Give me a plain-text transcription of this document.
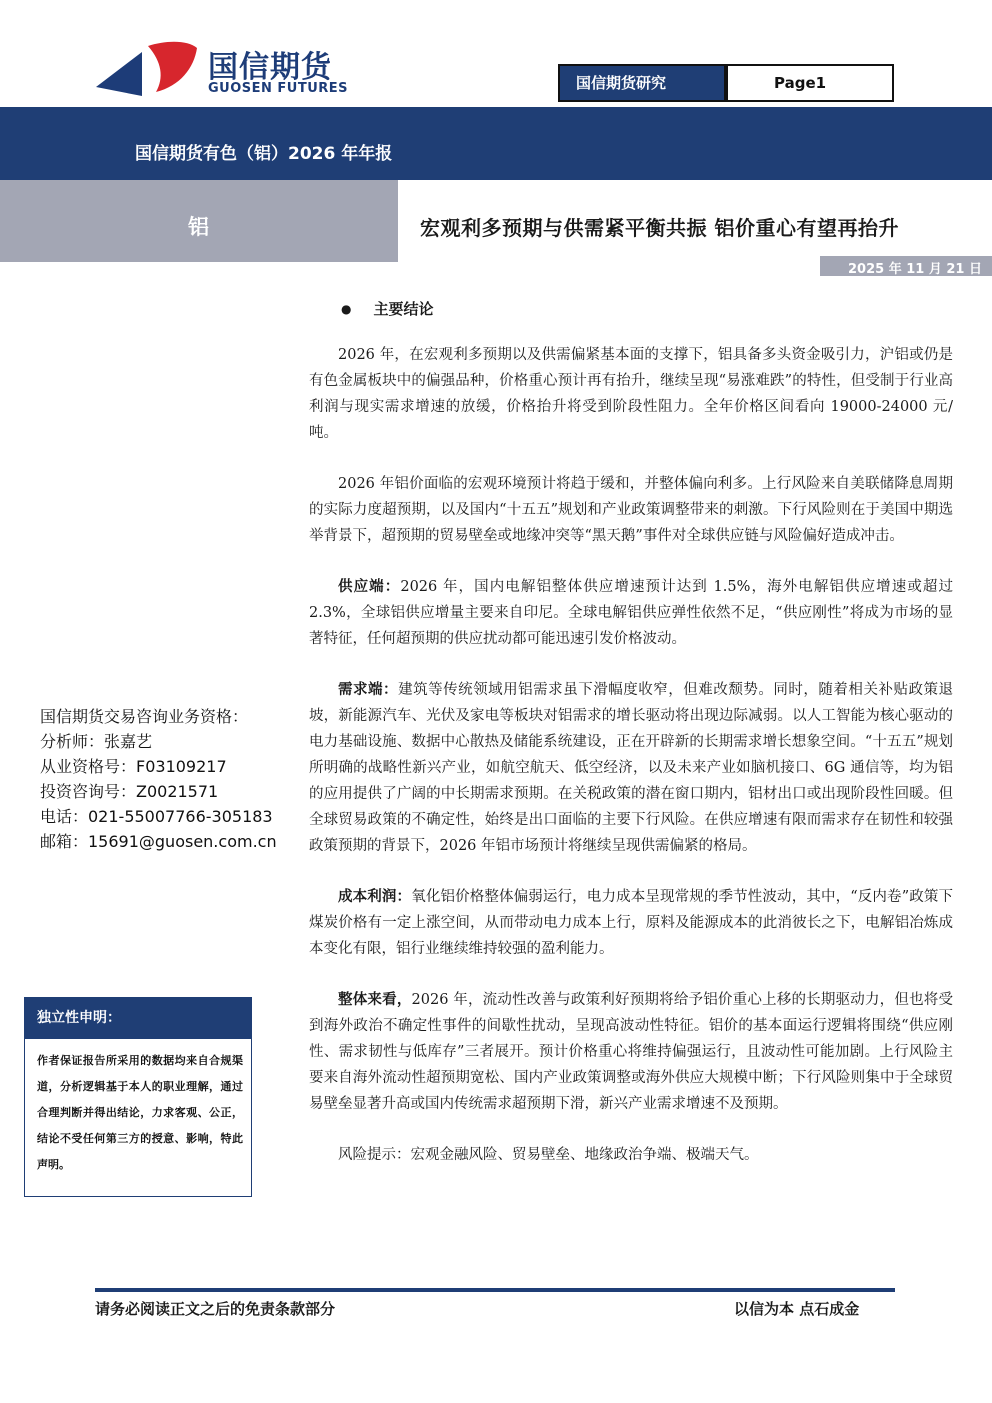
国信期货
GUOSEN FUTURES	国信期货研究	Page1
国信期货有色（铝）2026 年年报
铝	宏观利多预期与供需紧平衡共振 铝价重心有望再抬升
2025 年 11 月 21 日
● 主要结论

2026 年，在宏观利多预期以及供需偏紧基本面的支撑下，铝具备多头资金吸引力，沪铝或仍是有色金属板块中的偏强品种，价格重心预计再有抬升，继续呈现“易涨难跌”的特性，但受制于行业高利润与现实需求增速的放缓，价格抬升将受到阶段性阻力。全年价格区间看向 19000-24000 元/吨。

2026 年铝价面临的宏观环境预计将趋于缓和，并整体偏向利多。上行风险来自美联储降息周期的实际力度超预期，以及国内“十五五”规划和产业政策调整带来的刺激。下行风险则在于美国中期选举背景下，超预期的贸易壁垒或地缘冲突等“黑天鹅”事件对全球供应链与风险偏好造成冲击。

供应端：2026 年，国内电解铝整体供应增速预计达到 1.5%，海外电解铝供应增速或超过 2.3%，全球铝供应增量主要来自印尼。全球电解铝供应弹性依然不足，“供应刚性”将成为市场的显著特征，任何超预期的供应扰动都可能迅速引发价格波动。

需求端：建筑等传统领域用铝需求虽下滑幅度收窄，但难改颓势。同时，随着相关补贴政策退坡，新能源汽车、光伏及家电等板块对铝需求的增长驱动将出现边际减弱。以人工智能为核心驱动的电力基础设施、数据中心散热及储能系统建设，正在开辟新的长期需求增长想象空间。“十五五”规划所明确的战略性新兴产业，如航空航天、低空经济，以及未来产业如脑机接口、6G 通信等，均为铝的应用提供了广阔的中长期需求预期。在关税政策的潜在窗口期内，铝材出口或出现阶段性回暖。但全球贸易政策的不确定性，始终是出口面临的主要下行风险。在供应增速有限而需求存在韧性和较强政策预期的背景下，2026 年铝市场预计将继续呈现供需偏紧的格局。

成本利润：氧化铝价格整体偏弱运行，电力成本呈现常规的季节性波动，其中，“反内卷”政策下煤炭价格有一定上涨空间，从而带动电力成本上行，原料及能源成本的此消彼长之下，电解铝冶炼成本变化有限，铝行业继续维持较强的盈利能力。

整体来看，2026 年，流动性改善与政策利好预期将给予铝价重心上移的长期驱动力，但也将受到海外政治不确定性事件的间歇性扰动，呈现高波动性特征。铝价的基本面运行逻辑将围绕“供应刚性、需求韧性与低库存”三者展开。预计价格重心将维持偏强运行，且波动性可能加剧。上行风险主要来自海外流动性超预期宽松、国内产业政策调整或海外供应大规模中断；下行风险则集中于全球贸易壁垒显著升高或国内传统需求超预期下滑，新兴产业需求增速不及预期。

风险提示：宏观金融风险、贸易壁垒、地缘政治争端、极端天气。

国信期货交易咨询业务资格：
分析师：张嘉艺
从业资格号：F03109217
投资咨询号：Z0021571
电话：021-55007766-305183
邮箱：15691@guosen.com.cn
独立性申明：
作者保证报告所采用的数据均来自合规渠道，分析逻辑基于本人的职业理解，通过合理判断并得出结论，力求客观、公正，结论不受任何第三方的授意、影响，特此声明。
请务必阅读正文之后的免责条款部分	以信为本 点石成金
